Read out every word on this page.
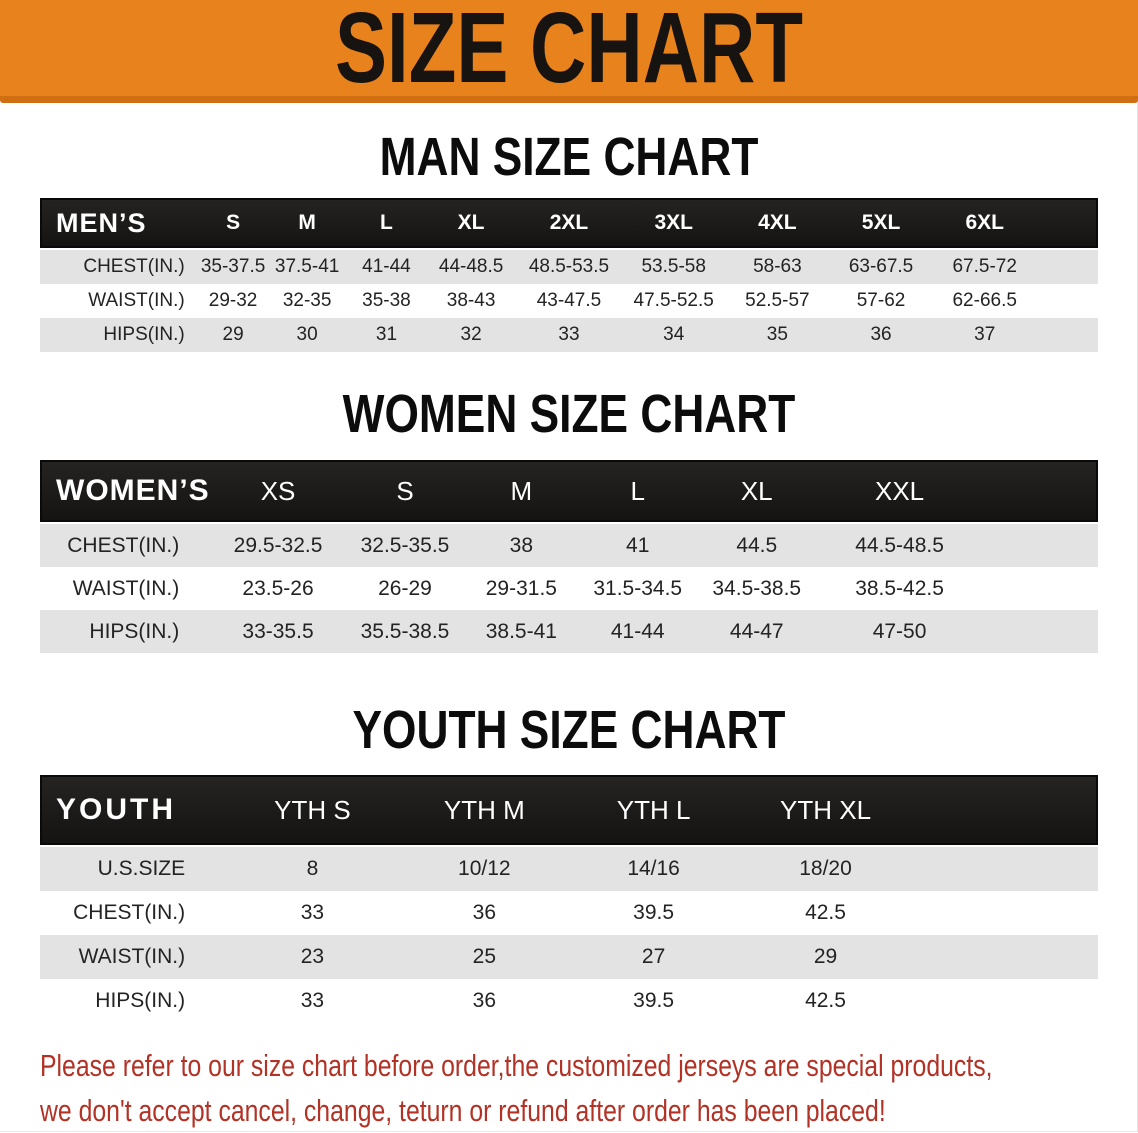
SIZE CHART
MAN SIZE CHART
MEN’S	S	M	L	XL	2XL	3XL	4XL	5XL	6XL
CHEST(IN.) 35-37.5 37.5-41	41-44	44-48.5	48.5-53.5	53.5-58	58-63	63-67.5	67.5-72
WAIST(IN.)	29-32	32-35	35-38	38-43	43-47.5	47.5-52.5	52.5-57	57-62	62-66.5
HIPS(IN.)	29	30	31	32	33	34	35	36	37
WOMEN SIZE CHART
WOMEN’S	XS	S	M	L	XL	XXL
CHEST(IN.)	29.5-32.5	32.5-35.5	38	41	44.5	44.5-48.5
WAIST(IN.)	23.5-26	26-29	29-31.5	31.5-34.5	34.5-38.5	38.5-42.5
HIPS(IN.)	33-35.5	35.5-38.5	38.5-41	41-44	44-47	47-50
YOUTH SIZE CHART
YOUTH	YTH S	YTH M	YTH L	YTH XL
U.S.SIZE	8	10/12	14/16	18/20
CHEST(IN.)	33	36	39.5	42.5
WAIST(IN.)	23	25	27	29
HIPS(IN.)	33	36	39.5	42.5

Please refer to our size chart before order,the customized jerseys are special products,

we don't accept cancel, change, teturn or refund after order has been placed!
